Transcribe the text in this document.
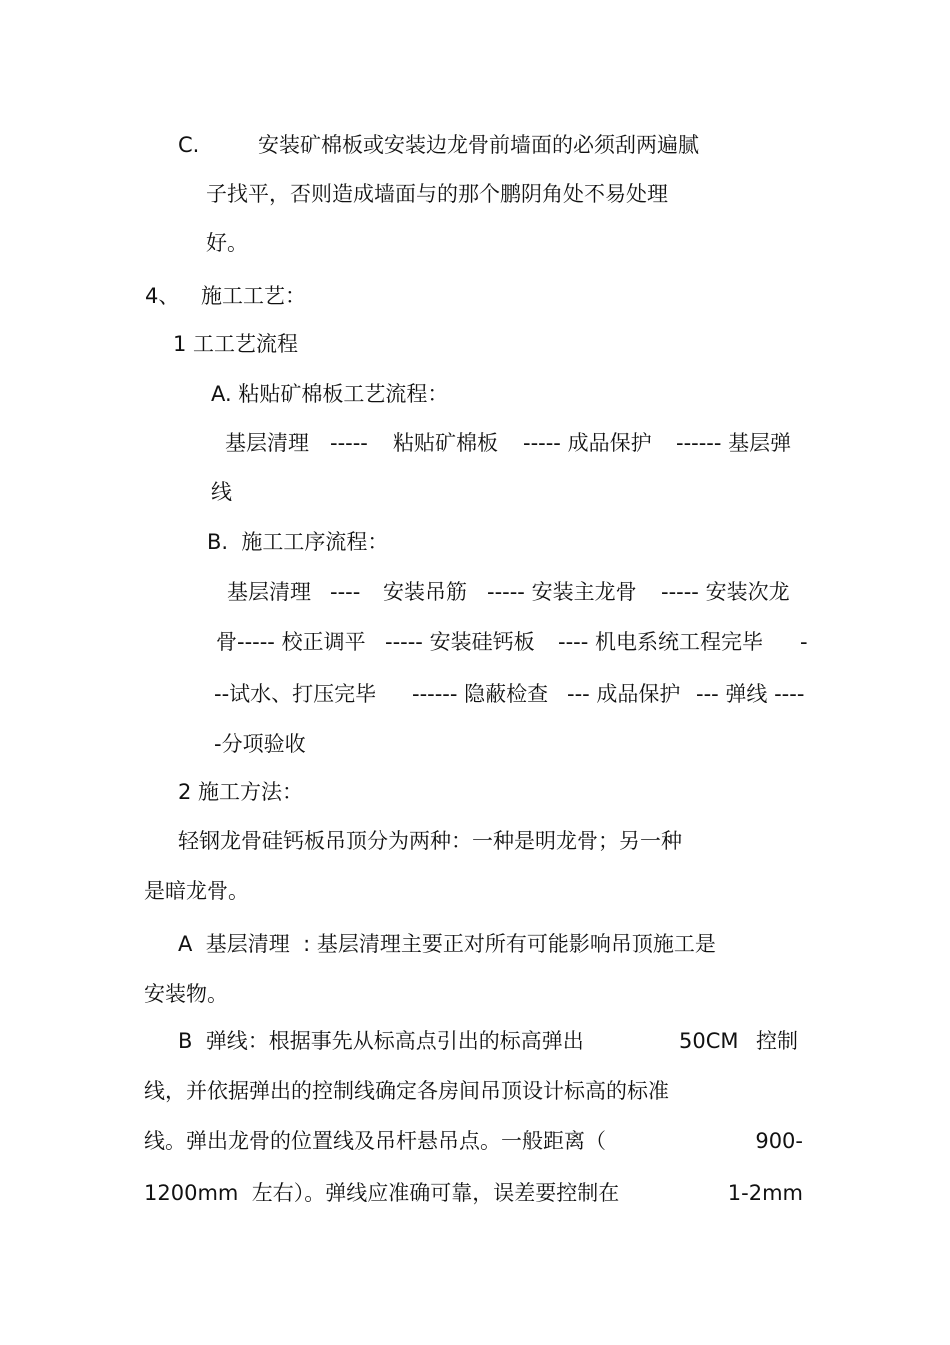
C.	安装矿棉板或安装边龙骨前墙面的必须刮两遍腻
子找平，否则造成墙面与的那个鹏阴角处不易处理
好。
4、 施工工艺：
1 工工艺流程
A. 粘贴矿棉板工艺流程：
基层清理 ----- 粘贴矿棉板 ----- 成品保护 ------ 基层弹
线
B.  施工工序流程：
基层清理 ---- 安装吊筋 ----- 安装主龙骨 ----- 安装次龙
骨----- 校正调平 ----- 安装硅钙板 ---- 机电系统工程完毕 -
--试水、打压完毕 ------ 隐蔽检查 --- 成品保护 --- 弹线 ----
-分项验收
2 施工方法：
轻钢龙骨硅钙板吊顶分为两种：一种是明龙骨；另一种
是暗龙骨。
A  基层清理  : 基层清理主要正对所有可能影响吊顶施工是
安装物。
B  弹线：根据事先从标高点引出的标高弹出	50CM 控制
线，并依据弹出的控制线确定各房间吊顶设计标高的标准
线。弹出龙骨的位置线及吊杆悬吊点。一般距离（	900-
1200mm  左右）。弹线应准确可靠，误差要控制在	1-2mm
